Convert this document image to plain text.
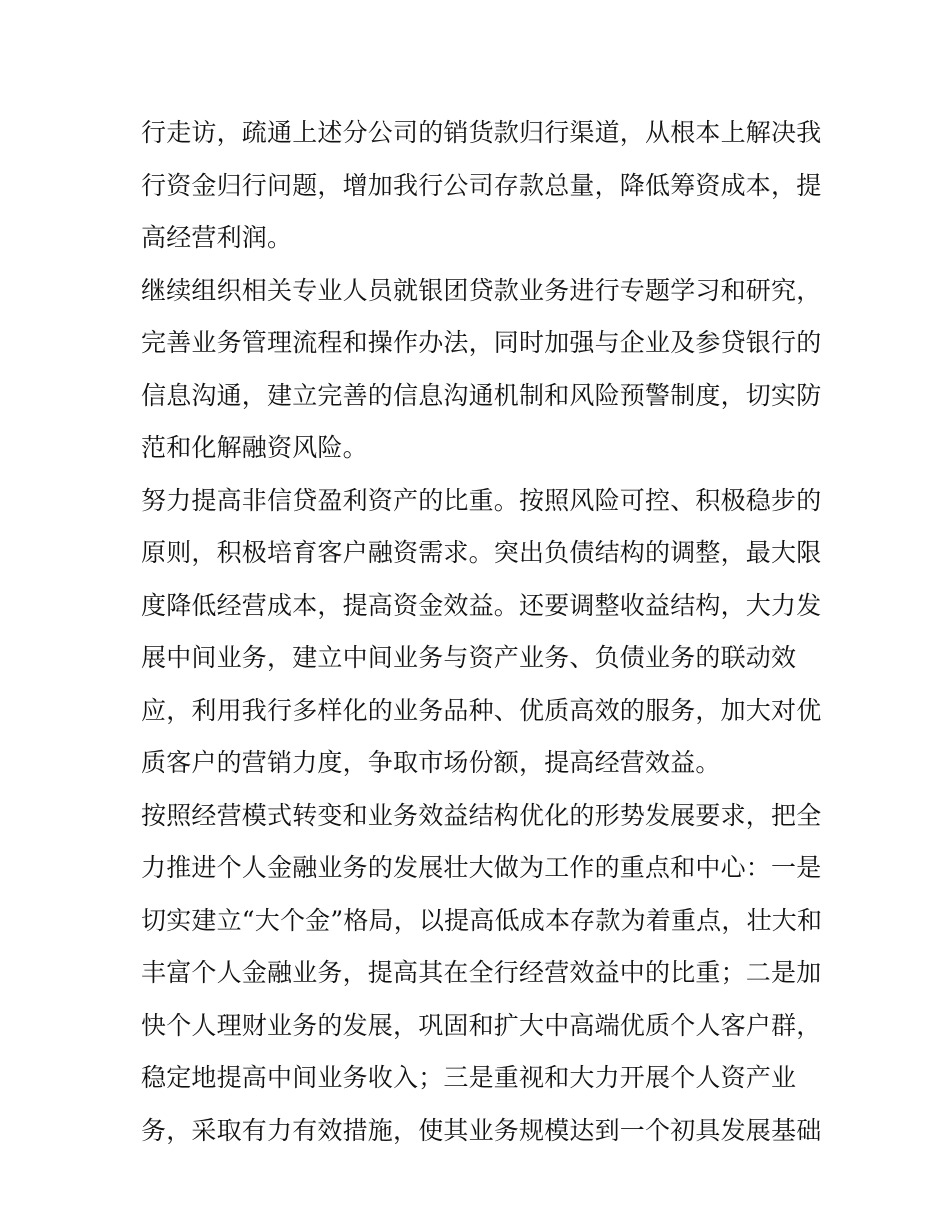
行走访，疏通上述分公司的销货款归行渠道，从根本上解决我
行资金归行问题，增加我行公司存款总量，降低筹资成本，提
高经营利润。
继续组织相关专业人员就银团贷款业务进行专题学习和研究，
完善业务管理流程和操作办法，同时加强与企业及参贷银行的
信息沟通，建立完善的信息沟通机制和风险预警制度，切实防
范和化解融资风险。
努力提高非信贷盈利资产的比重。按照风险可控、积极稳步的
原则，积极培育客户融资需求。突出负债结构的调整，最大限
度降低经营成本，提高资金效益。还要调整收益结构，大力发
展中间业务，建立中间业务与资产业务、负债业务的联动效
应，利用我行多样化的业务品种、优质高效的服务，加大对优
质客户的营销力度，争取市场份额，提高经营效益。
按照经营模式转变和业务效益结构优化的形势发展要求，把全
力推进个人金融业务的发展壮大做为工作的重点和中心：一是
切实建立“大个金”格局，以提高低成本存款为着重点，壮大和
丰富个人金融业务，提高其在全行经营效益中的比重；二是加
快个人理财业务的发展，巩固和扩大中高端优质个人客户群，
稳定地提高中间业务收入；三是重视和大力开展个人资产业
务，采取有力有效措施，使其业务规模达到一个初具发展基础
